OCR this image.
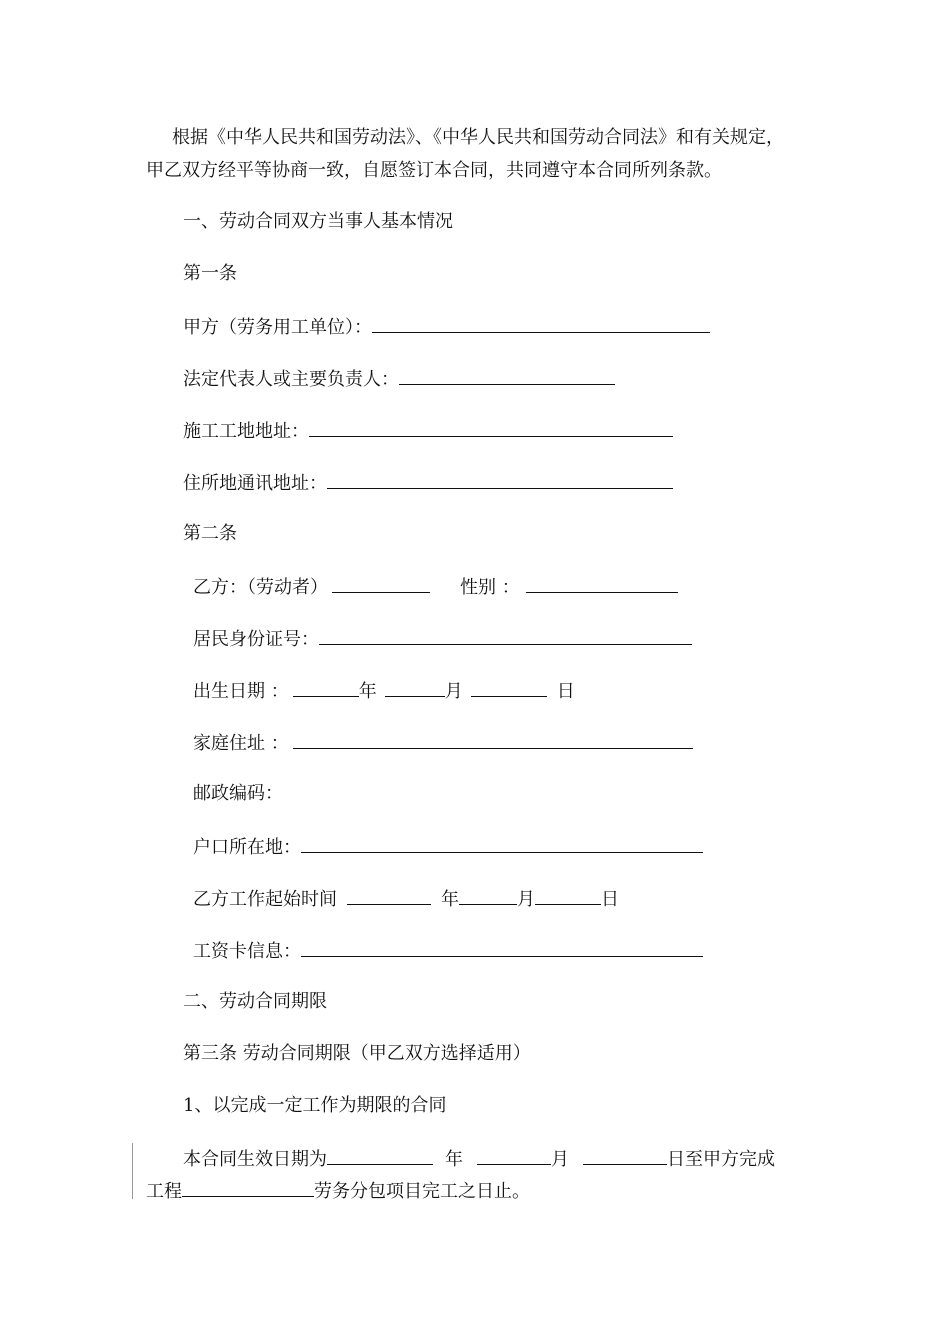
根据《中华人民共和国劳动法》、《中华人民共和国劳动合同法》和有关规定，
甲乙双方经平等协商一致，自愿签订本合同，共同遵守本合同所列条款。
一、劳动合同双方当事人基本情况
第一条
甲方（劳务用工单位）：
法定代表人或主要负责人：
施工工地地址：
住所地通讯地址：
第二条
乙方：（劳动者）	性别 ：
居民身份证号：
出生日期 ：	年	月	日
家庭住址 ：
邮政编码：
户口所在地：
乙方工作起始时间	年	月	日
工资卡信息：
二、劳动合同期限
第三条 劳动合同期限（甲乙双方选择适用）
1、以完成一定工作为期限的合同
本合同生效日期为	年	月	日至甲方完成
工程	劳务分包项目完工之日止。
